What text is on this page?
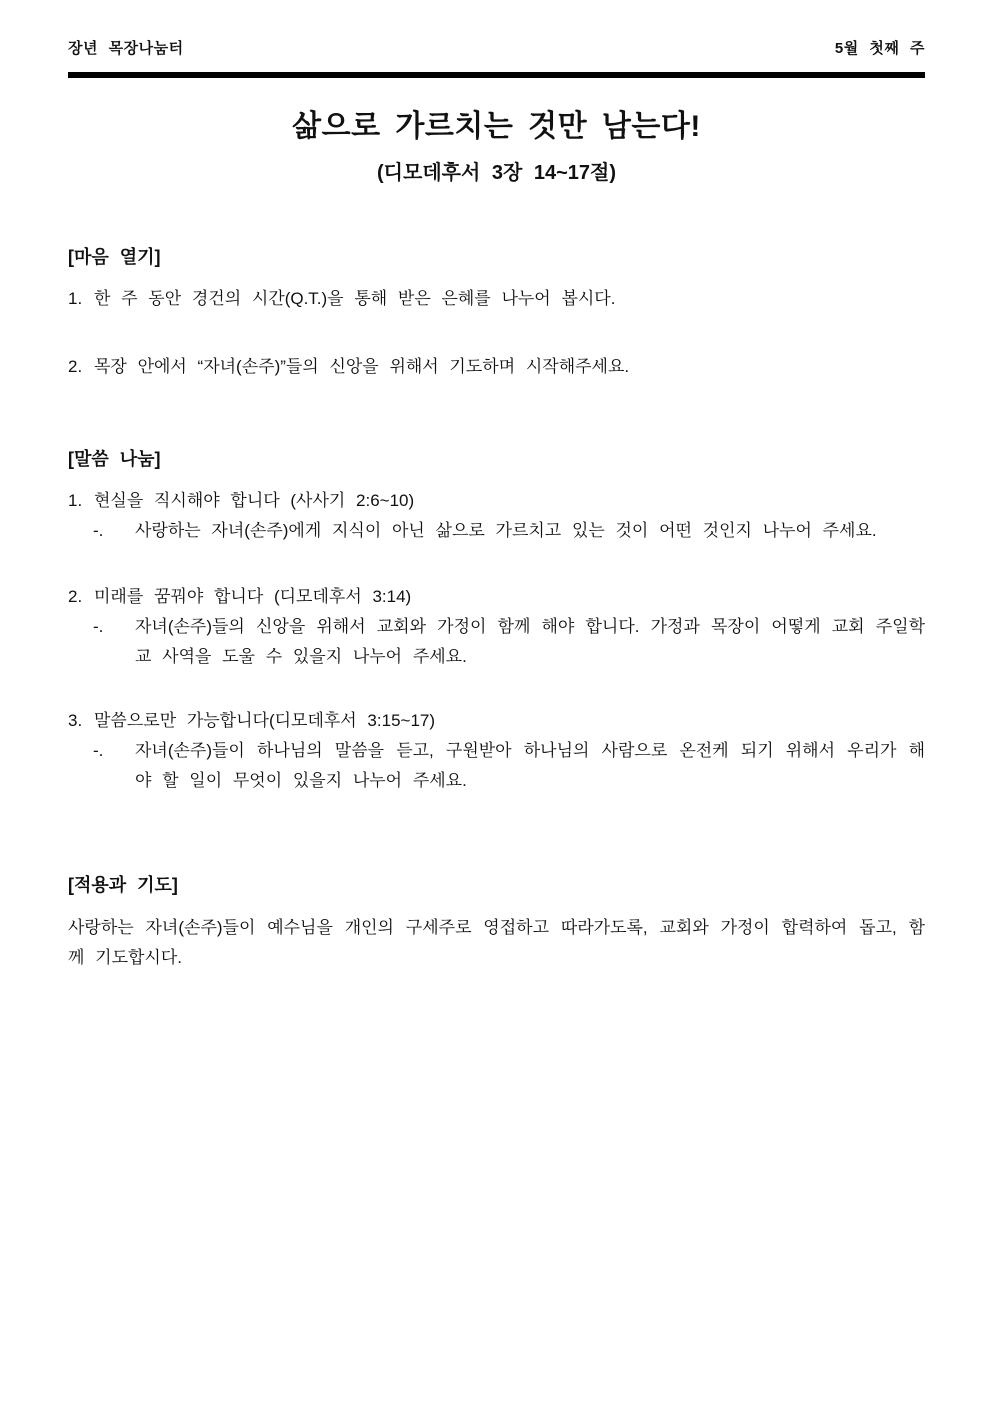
장년 목장나눔터	5월 첫째 주
삶으로 가르치는 것만 남는다!
(디모데후서 3장 14~17절)
[마음 열기]
1. 한 주 동안 경건의 시간(Q.T.)을 통해 받은 은혜를 나누어 봅시다.
2. 목장 안에서 “자녀(손주)”들의 신앙을 위해서 기도하며 시작해주세요.
[말씀 나눔]
1. 현실을 직시해야 합니다 (사사기 2:6~10)
-.	사랑하는 자녀(손주)에게 지식이 아닌 삶으로 가르치고 있는 것이 어떤 것인지 나누어 주세요.
2. 미래를 꿈꿔야 합니다 (디모데후서 3:14)
-.	자녀(손주)들의 신앙을 위해서 교회와 가정이 함께 해야 합니다. 가정과 목장이 어떻게 교회 주일학교 사역을 도울 수 있을지 나누어 주세요.
3. 말씀으로만 가능합니다(디모데후서 3:15~17)
-.	자녀(손주)들이 하나님의 말씀을 듣고, 구원받아 하나님의 사람으로 온전케 되기 위해서 우리가 해야 할 일이 무엇이 있을지 나누어 주세요.
[적용과 기도]
사랑하는 자녀(손주)들이 예수님을 개인의 구세주로 영접하고 따라가도록, 교회와 가정이 합력하여 돕고, 함께 기도합시다.
